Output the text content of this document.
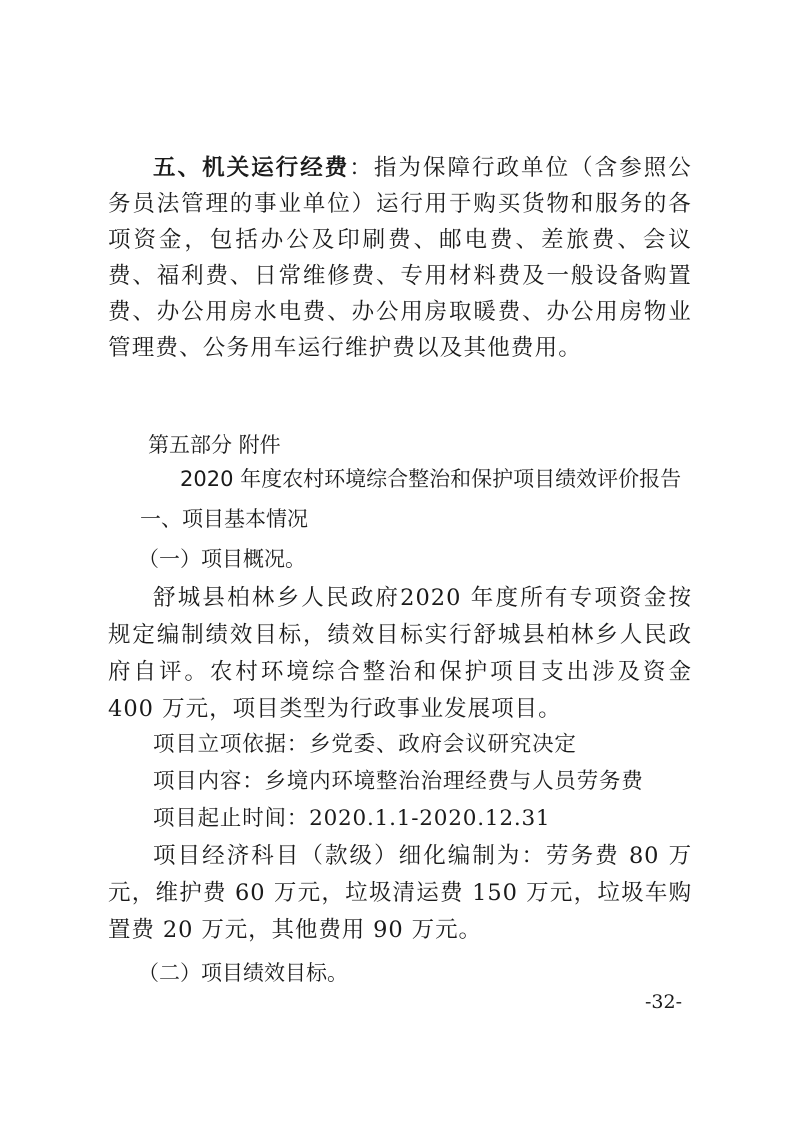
五、机关运行经费：指为保障行政单位（含参照公务员法管理的事业单位）运行用于购买货物和服务的各项资金，包括办公及印刷费、邮电费、差旅费、会议费、福利费、日常维修费、专用材料费及一般设备购置费、办公用房水电费、办公用房取暖费、办公用房物业管理费、公务用车运行维护费以及其他费用。
第五部分 附件
2020 年度农村环境综合整治和保护项目绩效评价报告
一、项目基本情况
（一）项目概况。
舒城县柏林乡人民政府2020 年度所有专项资金按规定编制绩效目标，绩效目标实行舒城县柏林乡人民政府自评。农村环境综合整治和保护项目支出涉及资金 400 万元，项目类型为行政事业发展项目。
项目立项依据：乡党委、政府会议研究决定
项目内容：乡境内环境整治治理经费与人员劳务费
项目起止时间：2020.1.1-2020.12.31
项目经济科目（款级）细化编制为：劳务费 80 万元，维护费 60 万元，垃圾清运费 150 万元，垃圾车购置费 20 万元，其他费用 90 万元。
（二）项目绩效目标。
-32-
